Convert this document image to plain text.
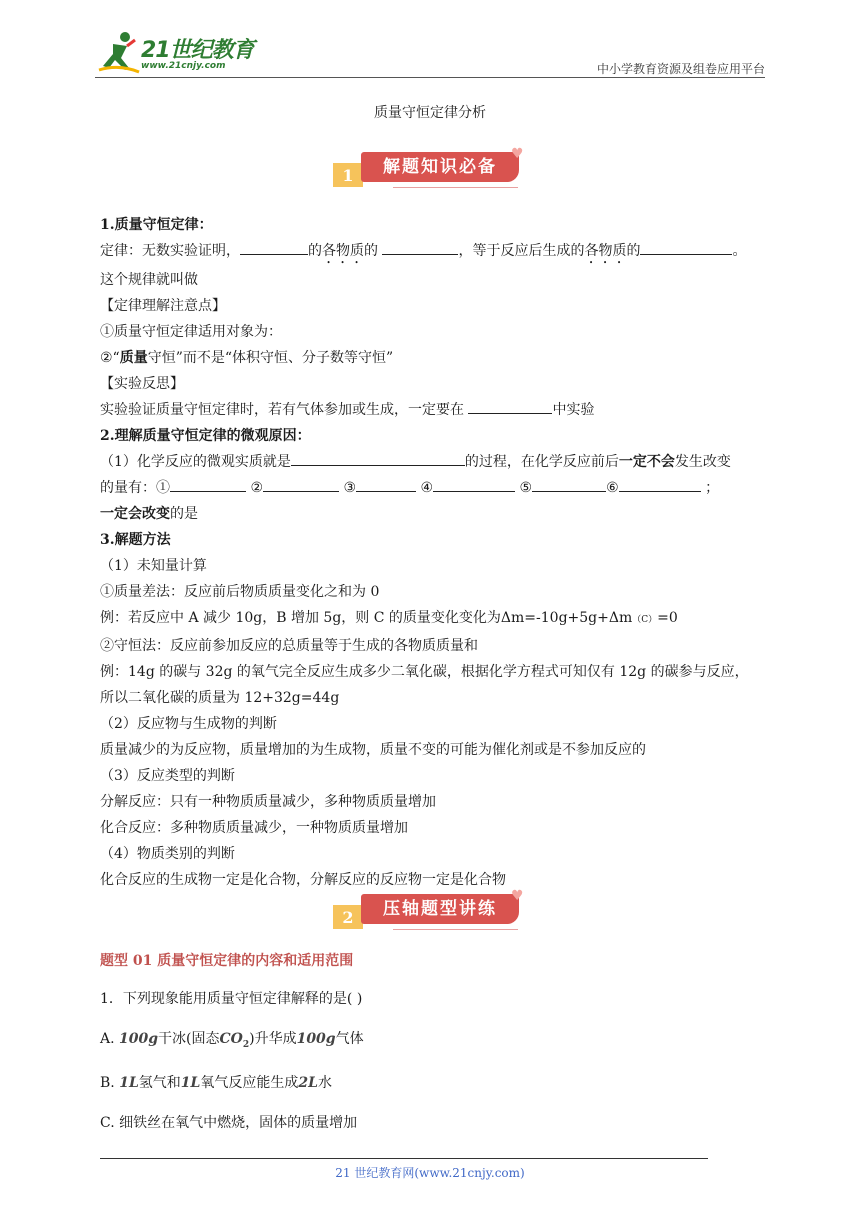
21世纪教育
www.21cnjy.com	中小学教育资源及组卷应用平台
质量守恒定律分析
1	解题知识必备
♥

1.质量守恒定律：

定律：无数实验证明，	的各物质的	，等于反应后生成的各物质的	。

这个规律就叫做

【定律理解注意点】

①质量守恒定律适用对象为：

②“质量守恒”而不是“体积守恒、分子数等守恒”

【实验反思】

实验验证质量守恒定律时，若有气体参加或生成，一定要在	中实验

2.理解质量守恒定律的微观原因：

（1）化学反应的微观实质就是	的过程，在化学反应前后一定不会发生改变

的量有：①	②	③	④	⑤	⑥	；

一定会改变的是

3.解题方法

（1）未知量计算

①质量差法：反应前后物质质量变化之和为 0

例：若反应中 A 减少 10g，B 增加 5g，则 C 的质量变化变化为Δm=-10g+5g+Δm（C）=0

②守恒法：反应前参加反应的总质量等于生成的各物质质量和

例：14g 的碳与 32g 的氧气完全反应生成多少二氧化碳，根据化学方程式可知仅有 12g 的碳参与反应，

所以二氧化碳的质量为 12+32g=44g

（2）反应物与生成物的判断

质量减少的为反应物，质量增加的为生成物，质量不变的可能为催化剂或是不参加反应的

（3）反应类型的判断

分解反应：只有一种物质质量减少，多种物质质量增加

化合反应：多种物质质量减少，一种物质质量增加

（4）物质类别的判断

化合反应的生成物一定是化合物，分解反应的反应物一定是化合物

2	压轴题型讲练
♥
题型 01 质量守恒定律的内容和适用范围
1．下列现象能用质量守恒定律解释的是( )
A. 100g干冰(固态$CO_2$)升华成100g气体
B. 1L氢气和1L氧气反应能生成2L水
C. 细铁丝在氧气中燃烧，固体的质量增加
21 世纪教育网(www.21cnjy.com)
